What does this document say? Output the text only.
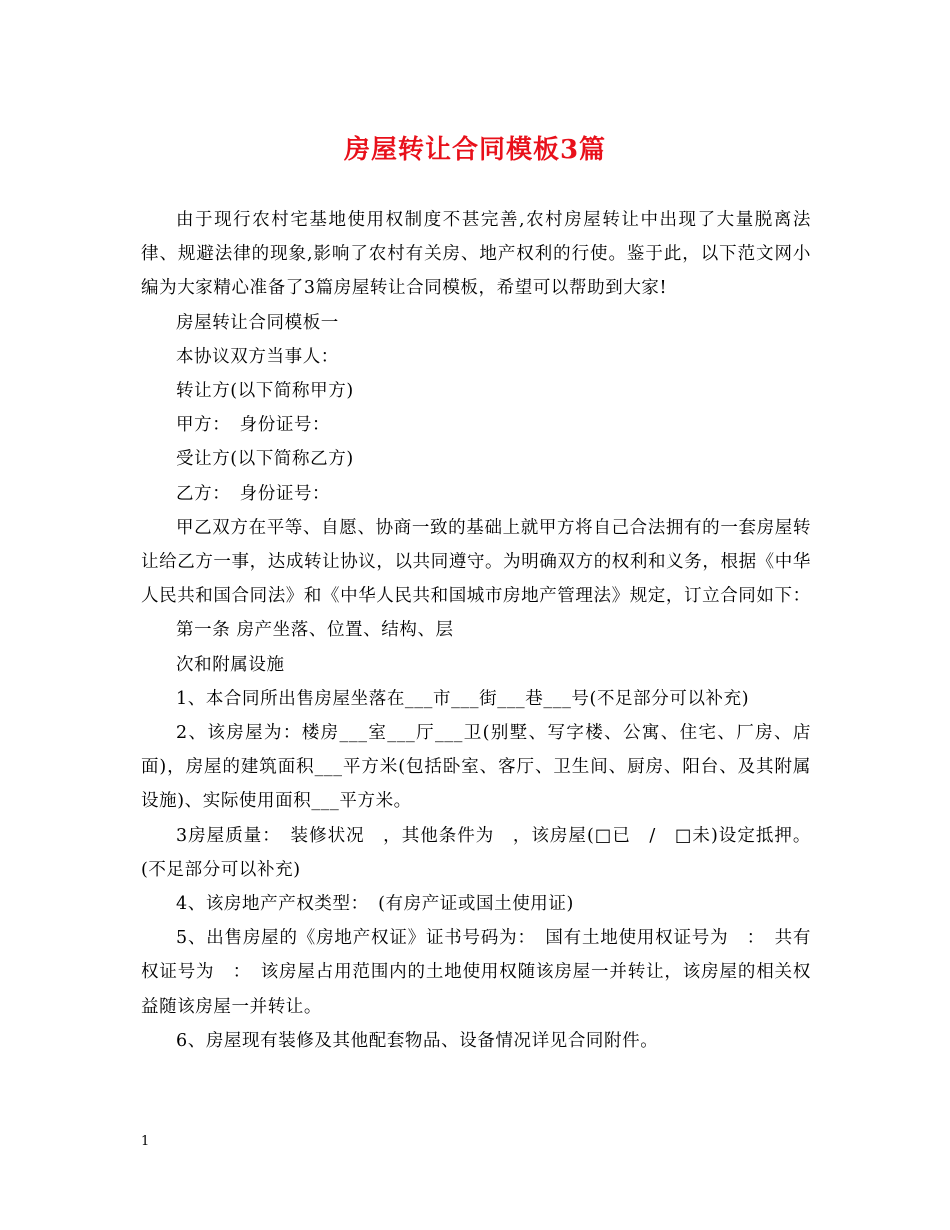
房屋转让合同模板3篇

由于现行农村宅基地使用权制度不甚完善,农村房屋转让中出现了大量脱离法律、规避法律的现象,影响了农村有关房、地产权利的行使。鉴于此，以下范文网小编为大家精心准备了3篇房屋转让合同模板，希望可以帮助到大家!

房屋转让合同模板一

本协议双方当事人：

转让方(以下简称甲方)

甲方：　身份证号：

受让方(以下简称乙方)

乙方：　身份证号：

甲乙双方在平等、自愿、协商一致的基础上就甲方将自己合法拥有的一套房屋转让给乙方一事，达成转让协议，以共同遵守。为明确双方的权利和义务，根据《中华人民共和国合同法》和《中华人民共和国城市房地产管理法》规定，订立合同如下：

第一条 房产坐落、位置、结构、层

次和附属设施

1、本合同所出售房屋坐落在___市___街___巷___号(不足部分可以补充)

2、该房屋为：楼房___室___厅___卫(别墅、写字楼、公寓、住宅、厂房、店面)，房屋的建筑面积___平方米(包括卧室、客厅、卫生间、厨房、阳台、及其附属设施)、实际使用面积___平方米。

3房屋质量：　装修状况　，其他条件为　，该房屋(□已　/　□未)设定抵押。(不足部分可以补充)

4、该房地产产权类型：　(有房产证或国土使用证)

5、出售房屋的《房地产权证》证书号码为：　国有土地使用权证号为　：　共有权证号为　：　该房屋占用范围内的土地使用权随该房屋一并转让，该房屋的相关权益随该房屋一并转让。

6、房屋现有装修及其他配套物品、设备情况详见合同附件。

1
